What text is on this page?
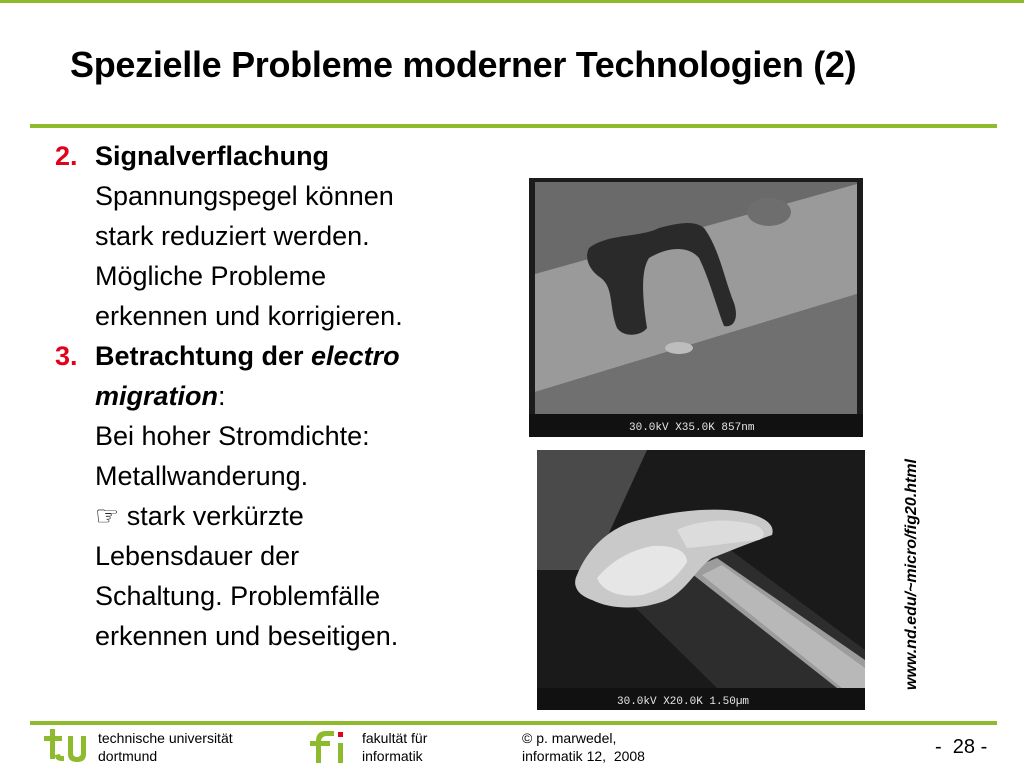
Spezielle Probleme moderner Technologien (2)
2. Signalverflachung
Spannungspegel können
stark reduziert werden.
Mögliche Probleme
erkennen und korrigieren.
3. Betrachtung der electro
migration:
Bei hoher Stromdichte:
Metallwanderung.
☞ stark verkürzte
Lebensdauer der
Schaltung. Problemfälle
erkennen und beseitigen.
30.0kV X35.0K 857nm
30.0kV X20.0K 1.50µm
www.nd.edu/~micro/fig20.html
technische universität
dortmund
fakultät für
informatik
© p. marwedel,
informatik 12,  2008	-  28 -
